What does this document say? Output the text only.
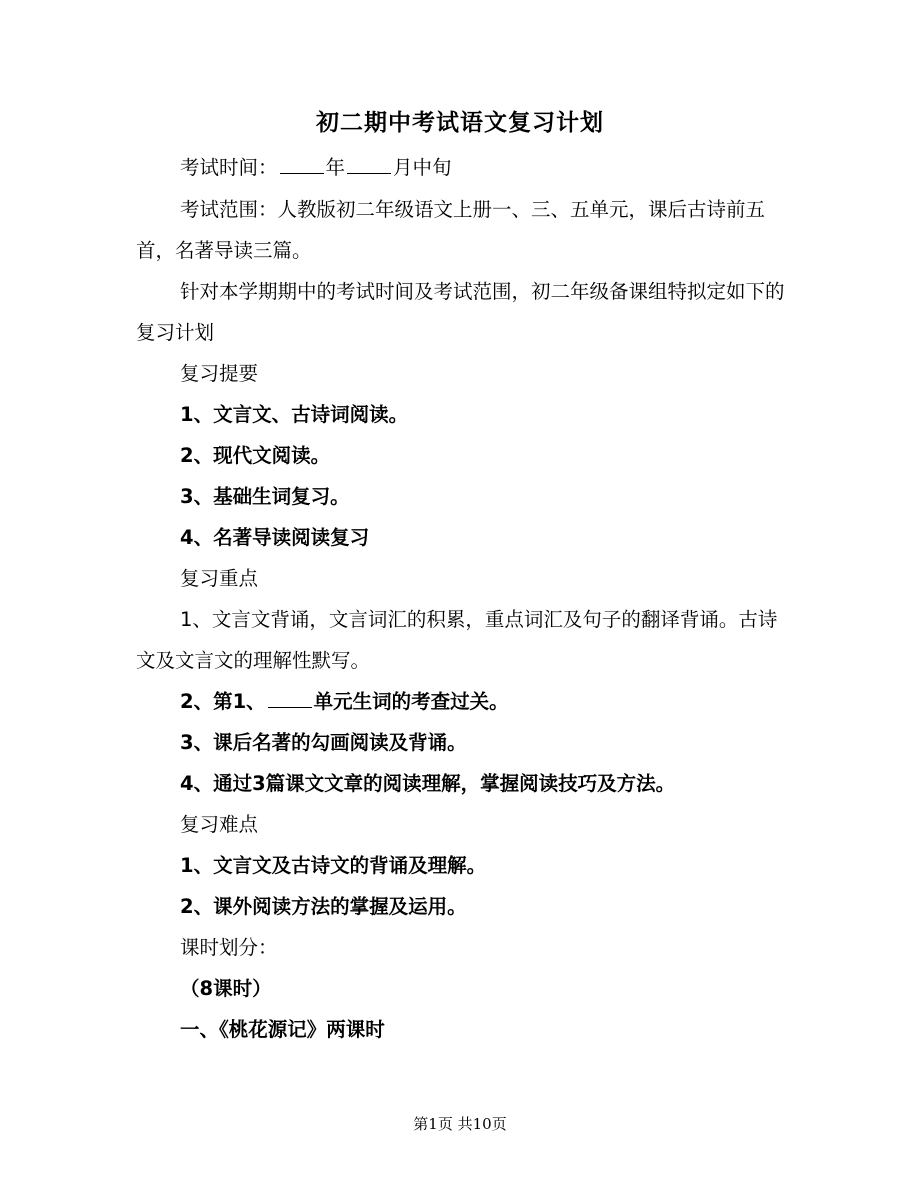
初二期中考试语文复习计划
考试时间： 年 月中旬
考试范围：人教版初二年级语文上册一、三、五单元，课后古诗前五首，名著导读三篇。
针对本学期期中的考试时间及考试范围，初二年级备课组特拟定如下的复习计划
复习提要
1、文言文、古诗词阅读。
2、现代文阅读。
3、基础生词复习。
4、名著导读阅读复习
复习重点
1、文言文背诵，文言词汇的积累，重点词汇及句子的翻译背诵。古诗文及文言文的理解性默写。
2、第1、 单元生词的考查过关。
3、课后名著的勾画阅读及背诵。
4、通过3篇课文文章的阅读理解，掌握阅读技巧及方法。
复习难点
1、文言文及古诗文的背诵及理解。
2、课外阅读方法的掌握及运用。
课时划分：
（8课时）
一、《桃花源记》两课时
第1页 共10页
